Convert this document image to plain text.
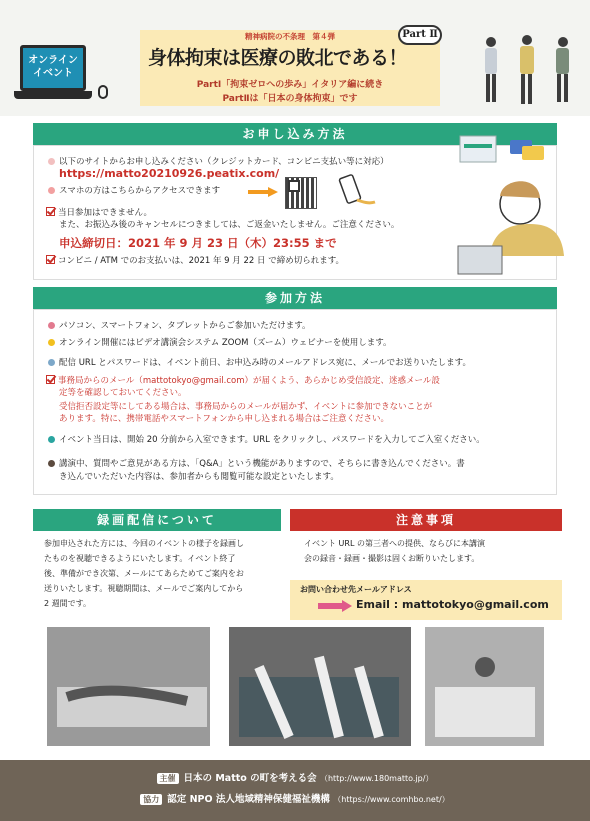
オンライン
イベント
精神病院の不条理　第４弾
身体拘束は医療の敗北である！
Part Ⅱ
PartⅠ「拘束ゼロへの歩み」イタリア編に続き
PartⅡは「日本の身体拘束」です
お申し込み方法
以下のサイトからお申し込みください（クレジットカード、コンビニ支払い等に対応）
https://matto20210926.peatix.com/
スマホの方はこちらからアクセスできます
当日参加はできません。
また、お振込み後のキャンセルにつきましては、ご返金いたしません。ご注意ください。
申込締切日：2021 年 9 月 23 日（木）23:55 まで
コンビニ / ATM でのお支払いは、2021 年 9 月 22 日 で締め切られます。
参加方法
パソコン、スマートフォン、タブレットからご参加いただけます。
オンライン開催にはビデオ講演会システム ZOOM（ズーム）ウェビナーを使用します。
配信 URL とパスワードは、イベント前日、お申込み時のメールアドレス宛に、メールでお送りいたします。
事務局からのメール（mattotokyo@gmail.com）が届くよう、あらかじめ受信設定、迷惑メール設
定等を確認しておいてください。
受信拒否設定等にしてある場合は、事務局からのメールが届かず、イベントに参加できないことが
あります。特に、携帯電話やスマートフォンから申し込まれる場合はご注意ください。
イベント当日は、開始 20 分前から入室できます。URL をクリックし、パスワードを入力してご入室ください。
講演中、質問やご意見がある方は、「Q&A」という機能がありますので、そちらに書き込んでください。書
き込んでいただいた内容は、参加者からも閲覧可能な設定といたします。
録画配信について
参加申込された方には、今回のイベントの様子を録画し
たものを視聴できるようにいたします。イベント終了
後、準備ができ次第、メールにてあらためてご案内をお
送りいたします。視聴期間は、メールでご案内してから
2 週間です。
注意事項
イベント URL の第三者への提供、ならびに本講演
会の録音・録画・撮影は固くお断りいたします。
お問い合わせ先メールアドレス
Email : mattotokyo@gmail.com
主催 日本の Matto の町を考える会 （http://www.180matto.jp/）
協力 認定 NPO 法人地域精神保健福祉機構 （https://www.comhbo.net/）
